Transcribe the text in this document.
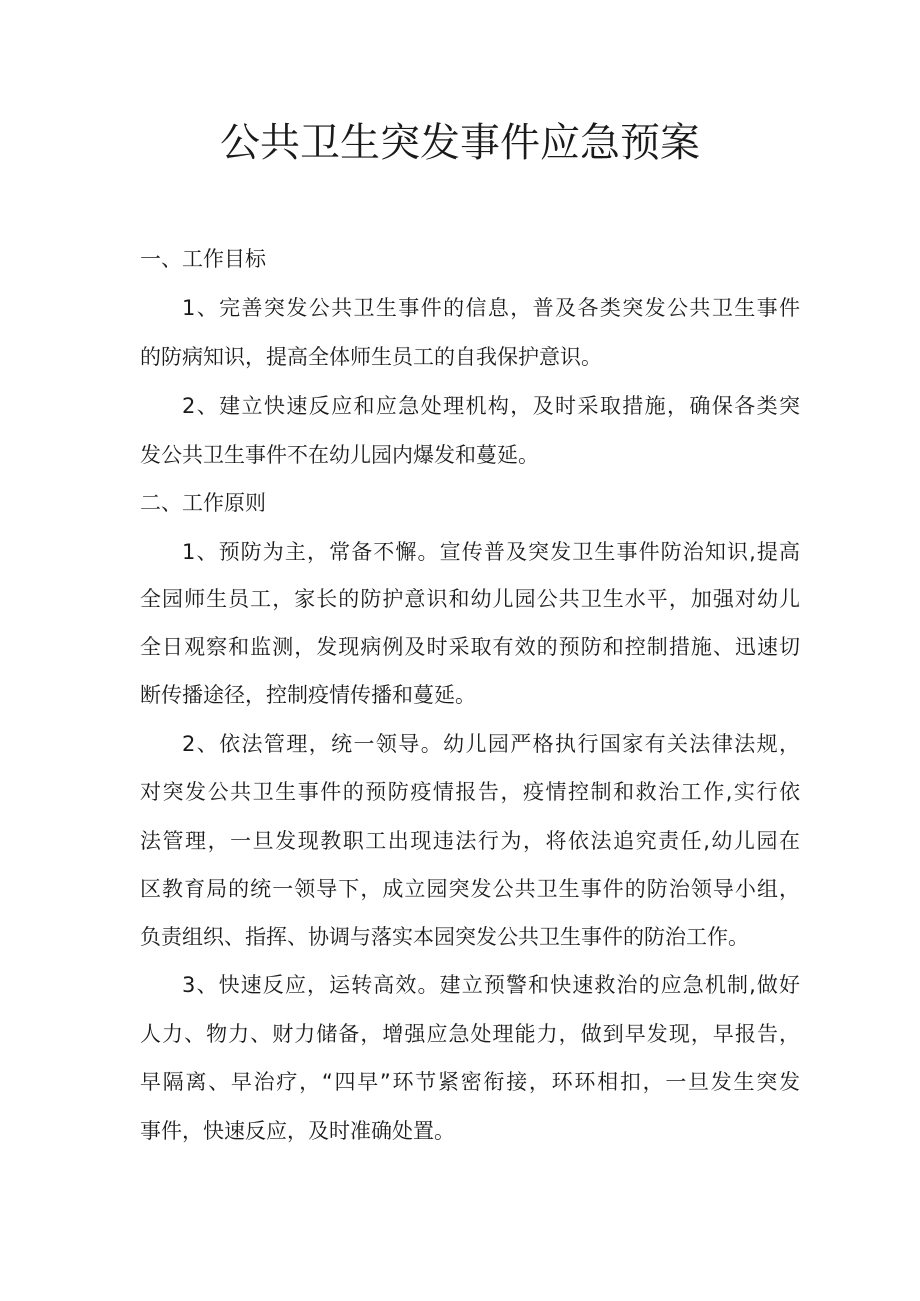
公共卫生突发事件应急预案

一、工作目标

1、完善突发公共卫生事件的信息，普及各类突发公共卫生事件

的防病知识，提高全体师生员工的自我保护意识。

2、建立快速反应和应急处理机构，及时采取措施，确保各类突

发公共卫生事件不在幼儿园内爆发和蔓延。

二、工作原则

1、预防为主，常备不懈。宣传普及突发卫生事件防治知识,提高

全园师生员工，家长的防护意识和幼儿园公共卫生水平，加强对幼儿

全日观察和监测，发现病例及时采取有效的预防和控制措施、迅速切

断传播途径，控制疫情传播和蔓延。

2、依法管理，统一领导。幼儿园严格执行国家有关法律法规，

对突发公共卫生事件的预防疫情报告，疫情控制和救治工作,实行依

法管理，一旦发现教职工出现违法行为，将依法追究责任,幼儿园在

区教育局的统一领导下，成立园突发公共卫生事件的防治领导小组，

负责组织、指挥、协调与落实本园突发公共卫生事件的防治工作。

3、快速反应，运转高效。建立预警和快速救治的应急机制,做好

人力、物力、财力储备，增强应急处理能力，做到早发现，早报告，

早隔离、早治疗，“四早”环节紧密衔接，环环相扣，一旦发生突发

事件，快速反应，及时准确处置。
